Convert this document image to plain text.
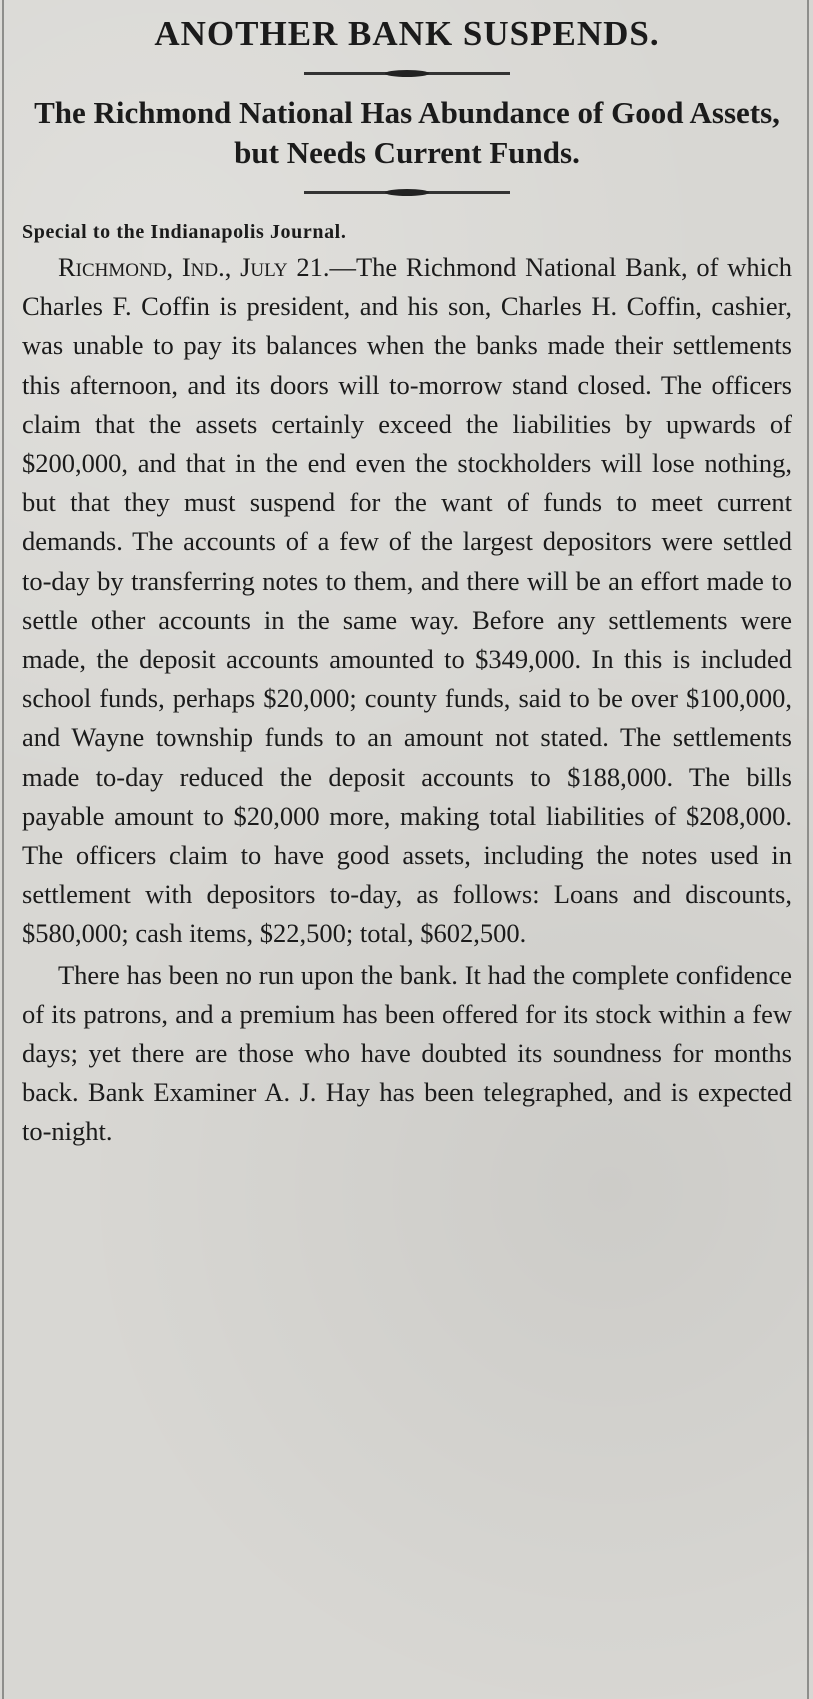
ANOTHER BANK SUSPENDS.
The Richmond National Has Abundance of Good Assets, but Needs Current Funds.

Special to the Indianapolis Journal.

Richmond, Ind., July 21.—The Richmond National Bank, of which Charles F. Coffin is president, and his son, Charles H. Coffin, cashier, was unable to pay its balances when the banks made their settlements this afternoon, and its doors will to-morrow stand closed. The officers claim that the assets certainly exceed the liabilities by upwards of $200,000, and that in the end even the stockholders will lose nothing, but that they must suspend for the want of funds to meet current demands. The accounts of a few of the largest depositors were settled to-day by transferring notes to them, and there will be an effort made to settle other accounts in the same way. Before any settlements were made, the deposit accounts amounted to $349,000. In this is included school funds, perhaps $20,000; county funds, said to be over $100,000, and Wayne township funds to an amount not stated. The settlements made to-day reduced the deposit accounts to $188,000. The bills payable amount to $20,000 more, making total liabilities of $208,000. The officers claim to have good assets, including the notes used in settlement with depositors to-day, as follows: Loans and discounts, $580,000; cash items, $22,500; total, $602,500.

There has been no run upon the bank. It had the complete confidence of its patrons, and a premium has been offered for its stock within a few days; yet there are those who have doubted its soundness for months back. Bank Examiner A. J. Hay has been telegraphed, and is expected to-night.
